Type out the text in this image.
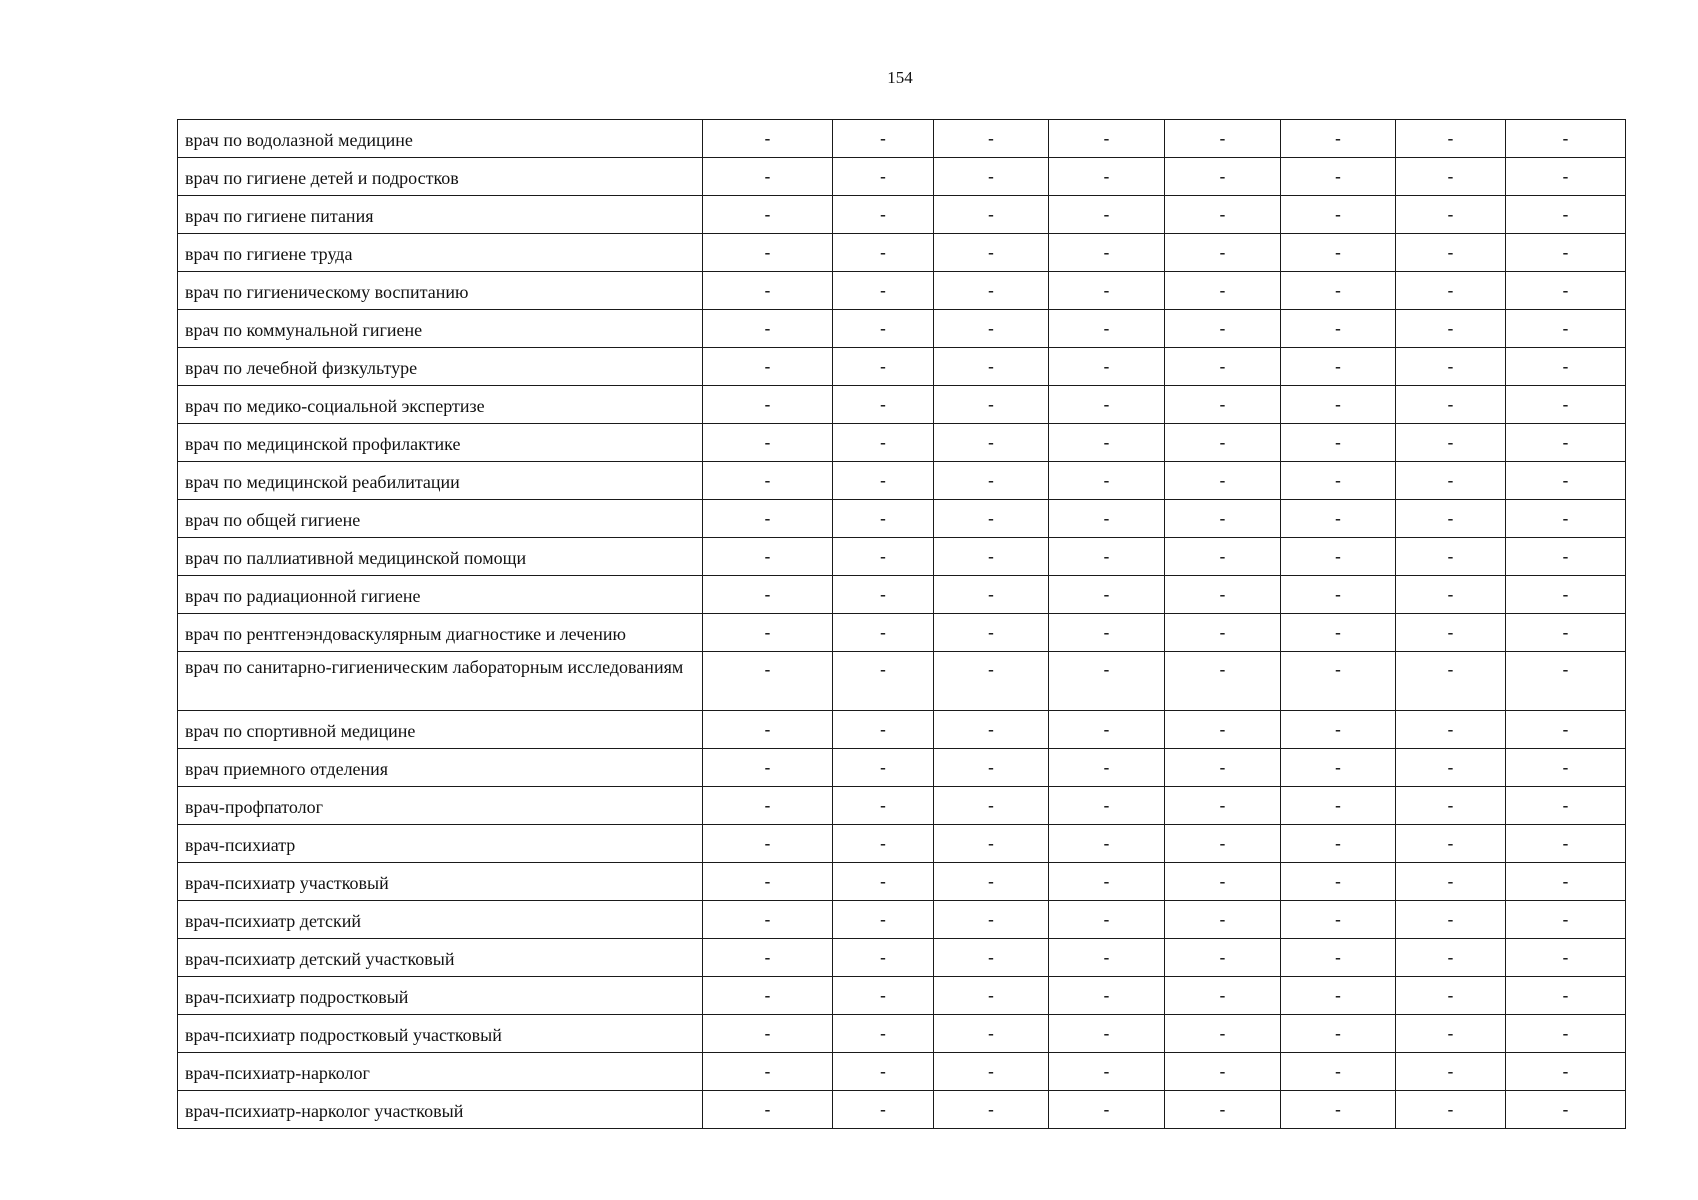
154
врач по водолазной медицине	-	-	-	-	-	-	-	-
врач по гигиене детей и подростков	-	-	-	-	-	-	-	-
врач по гигиене питания	-	-	-	-	-	-	-	-
врач по гигиене труда	-	-	-	-	-	-	-	-
врач по гигиеническому воспитанию	-	-	-	-	-	-	-	-
врач по коммунальной гигиене	-	-	-	-	-	-	-	-
врач по лечебной физкультуре	-	-	-	-	-	-	-	-
врач по медико-социальной экспертизе	-	-	-	-	-	-	-	-
врач по медицинской профилактике	-	-	-	-	-	-	-	-
врач по медицинской реабилитации	-	-	-	-	-	-	-	-
врач по общей гигиене	-	-	-	-	-	-	-	-
врач по паллиативной медицинской помощи	-	-	-	-	-	-	-	-
врач по радиационной гигиене	-	-	-	-	-	-	-	-
врач по рентгенэндоваскулярным диагностике и лечению	-	-	-	-	-	-	-	-
врач по санитарно-гигиеническим лабораторным исследованиям	-	-	-	-	-	-	-	-
врач по спортивной медицине	-	-	-	-	-	-	-	-
врач приемного отделения	-	-	-	-	-	-	-	-
врач-профпатолог	-	-	-	-	-	-	-	-
врач-психиатр	-	-	-	-	-	-	-	-
врач-психиатр участковый	-	-	-	-	-	-	-	-
врач-психиатр детский	-	-	-	-	-	-	-	-
врач-психиатр детский участковый	-	-	-	-	-	-	-	-
врач-психиатр подростковый	-	-	-	-	-	-	-	-
врач-психиатр подростковый участковый	-	-	-	-	-	-	-	-
врач-психиатр-нарколог	-	-	-	-	-	-	-	-
врач-психиатр-нарколог участковый	-	-	-	-	-	-	-	-
